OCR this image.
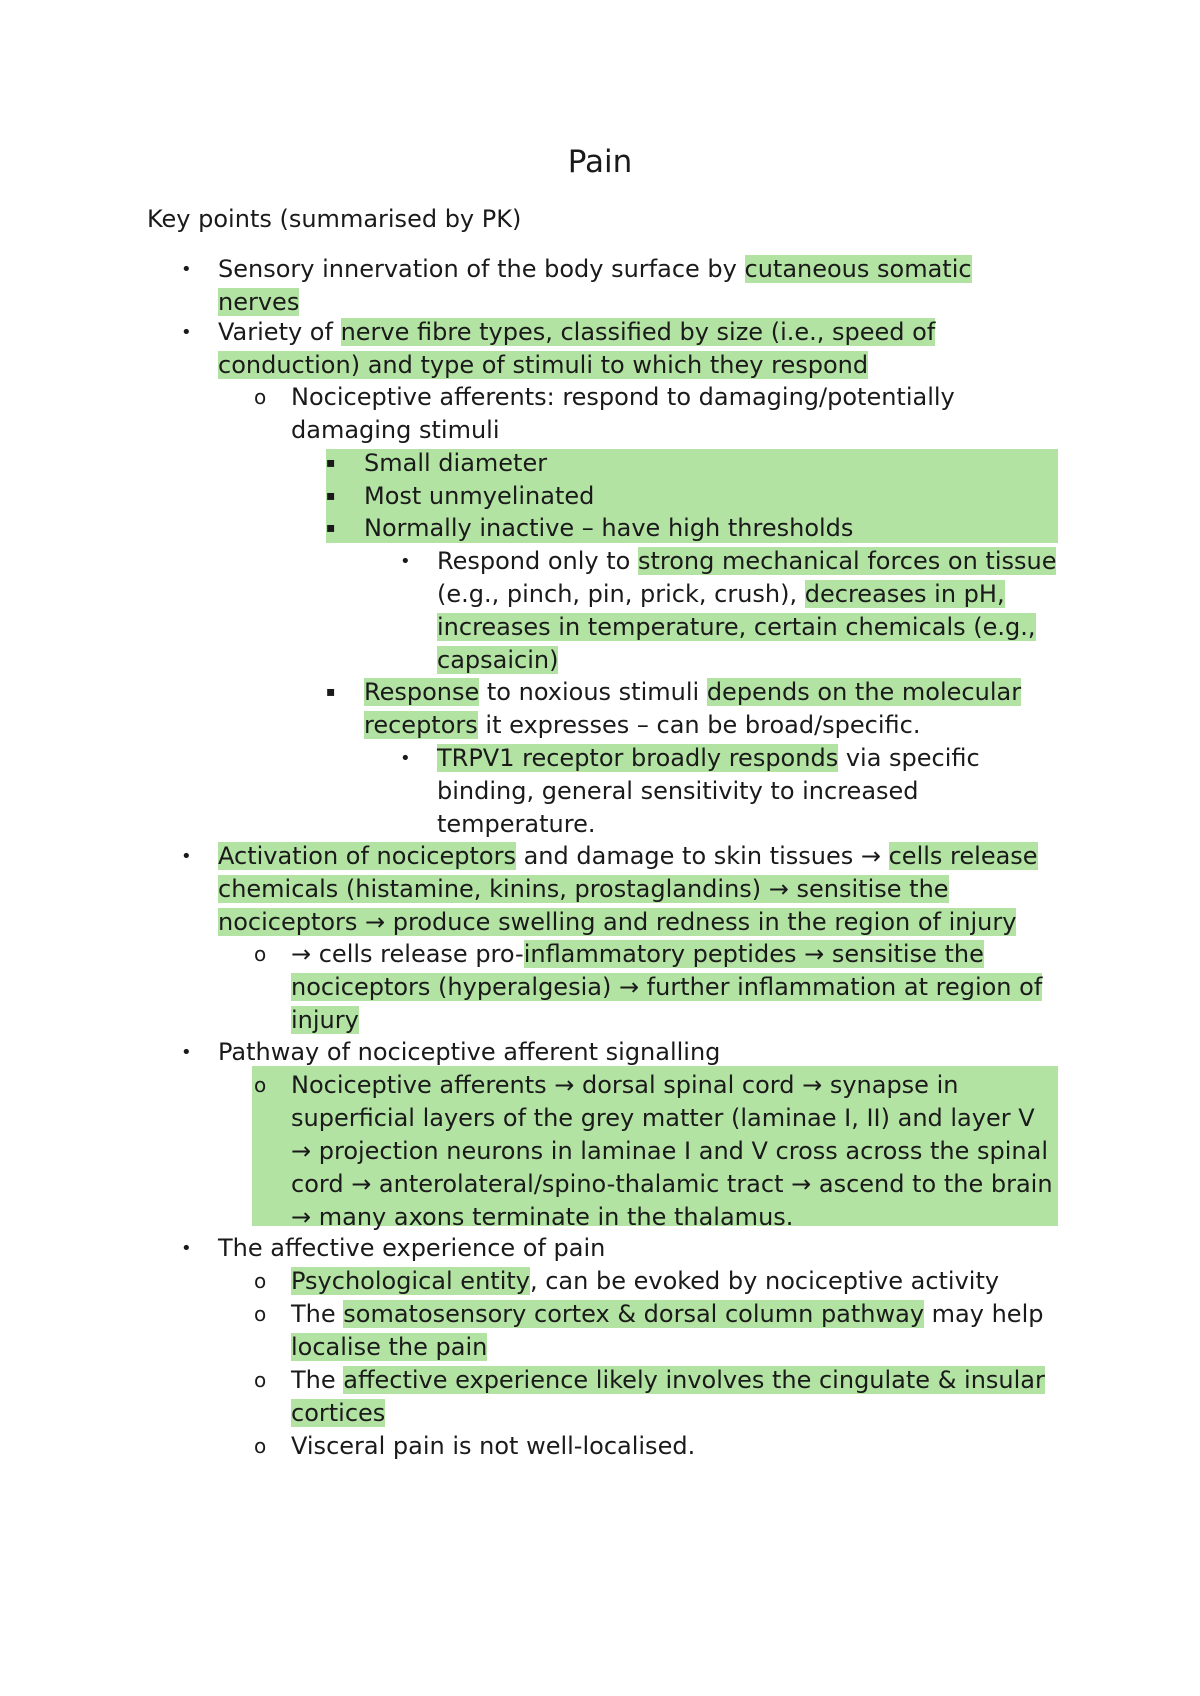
Pain
Key points (summarised by PK)
• Sensory innervation of the body surface by cutaneous somatic nerves

• Variety of nerve fibre types, classified by size (i.e., speed of conduction) and type of stimuli to which they respond

o Nociceptive afferents: respond to damaging/potentially damaging stimuli

▪ Small diameter

▪ Most unmyelinated

▪ Normally inactive – have high thresholds

• Respond only to strong mechanical forces on tissue (e.g., pinch, pin, prick, crush), decreases in pH, increases in temperature, certain chemicals (e.g., capsaicin)

▪ Response to noxious stimuli depends on the molecular receptors it expresses – can be broad/specific.

• TRPV1 receptor broadly responds via specific binding, general sensitivity to increased temperature.

• Activation of nociceptors and damage to skin tissues → cells release chemicals (histamine, kinins, prostaglandins) → sensitise the nociceptors → produce swelling and redness in the region of injury

o → cells release pro-inflammatory peptides → sensitise the nociceptors (hyperalgesia) → further inflammation at region of injury

• Pathway of nociceptive afferent signalling

o Nociceptive afferents → dorsal spinal cord → synapse in superficial layers of the grey matter (laminae I, II) and layer V → projection neurons in laminae I and V cross across the spinal cord → anterolateral/spino-thalamic tract → ascend to the brain → many axons terminate in the thalamus.

• The affective experience of pain

o Psychological entity, can be evoked by nociceptive activity

o The somatosensory cortex & dorsal column pathway may help localise the pain

o The affective experience likely involves the cingulate & insular cortices

o Visceral pain is not well-localised.
